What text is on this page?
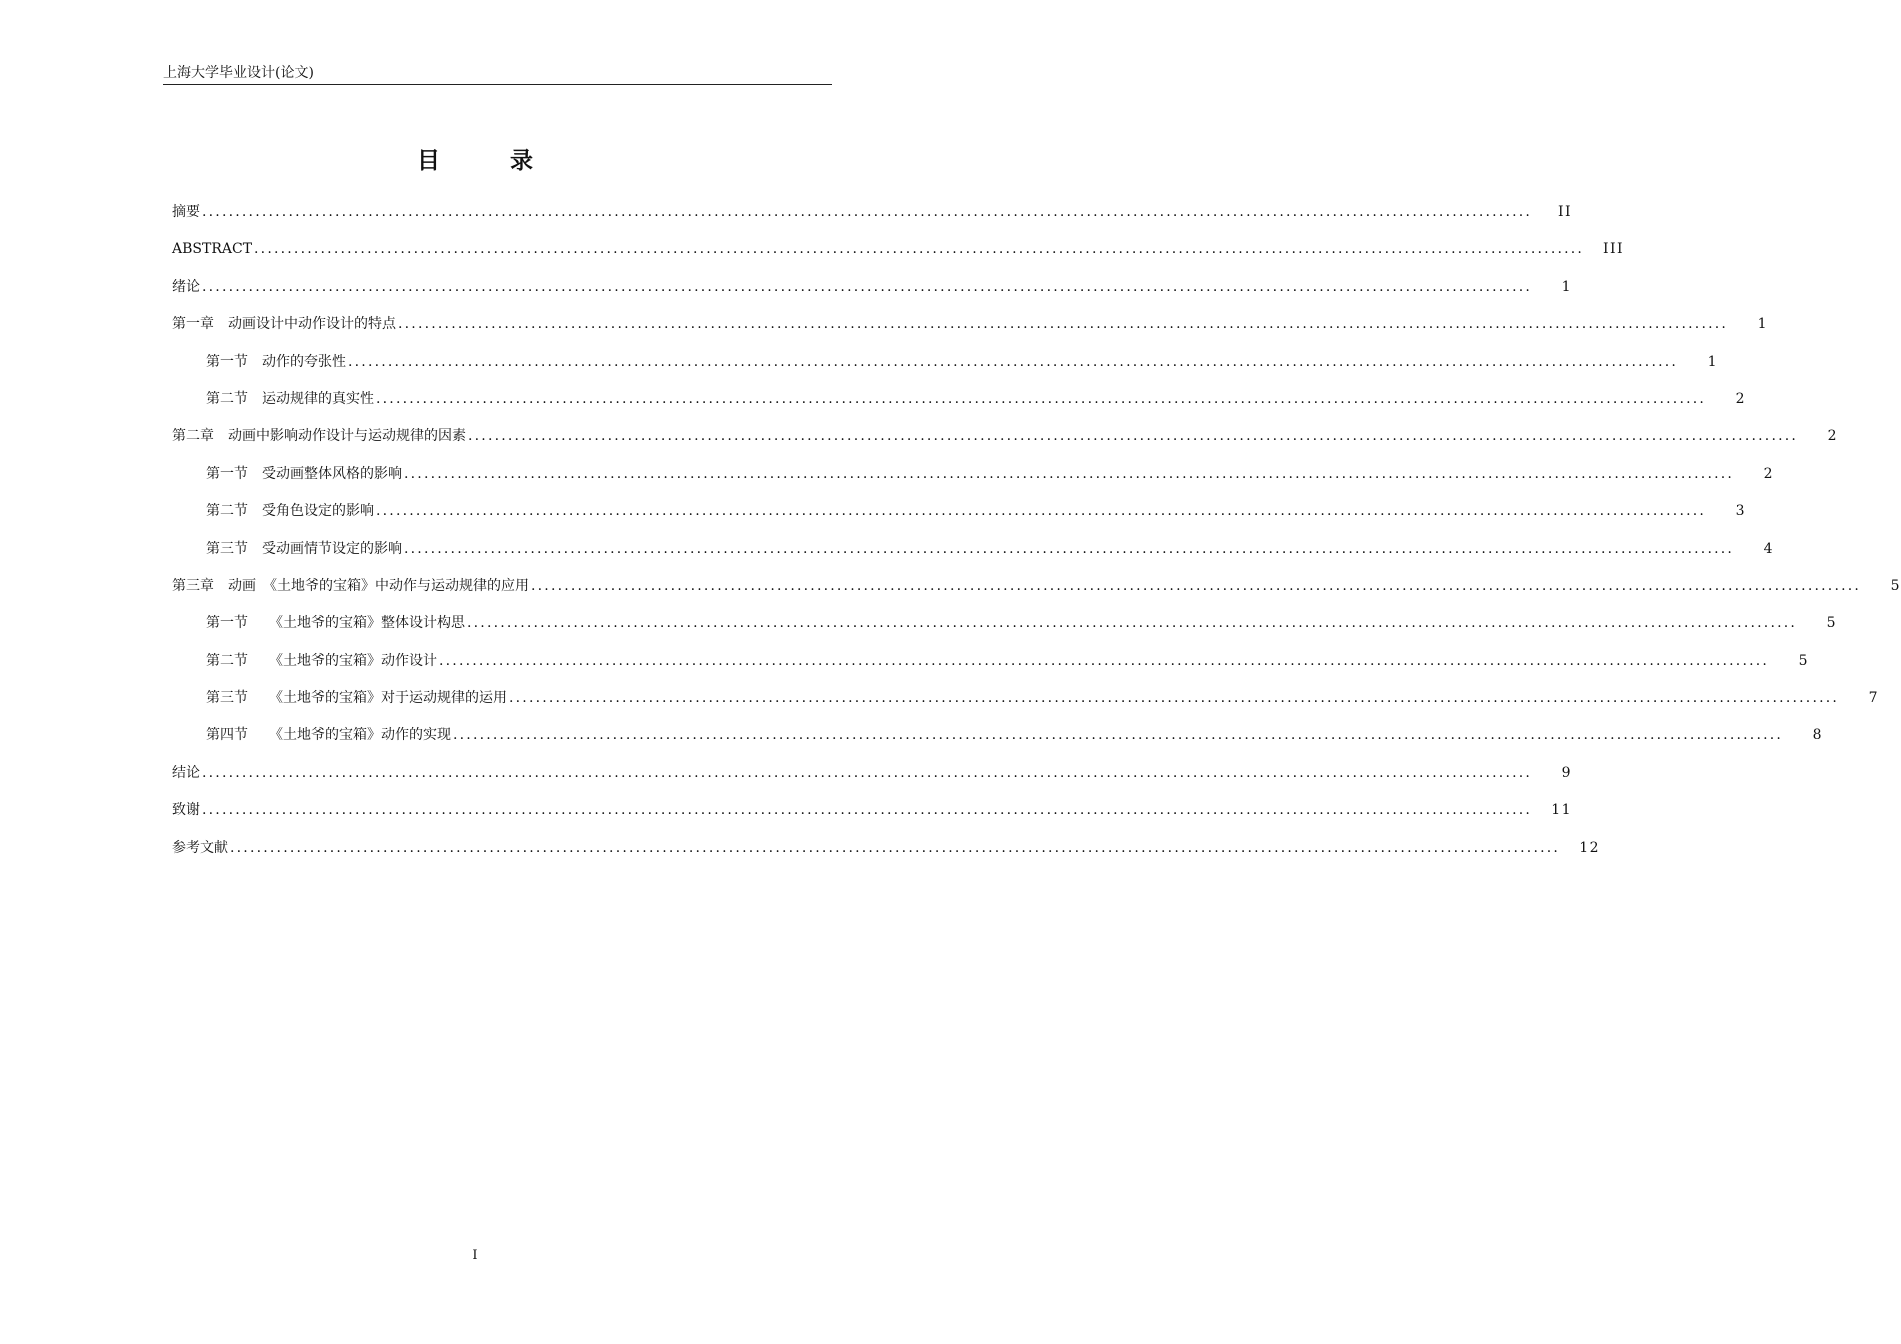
上海大学毕业设计(论文)
目录
摘要 ........................................................................................................................................................................................................	II
ABSTRACT ........................................................................................................................................................................................................	III
绪论 ........................................................................................................................................................................................................	1
第一章　动画设计中动作设计的特点 ........................................................................................................................................................................................................	1
第一节　动作的夸张性 ........................................................................................................................................................................................................	1
第二节　运动规律的真实性 ........................................................................................................................................................................................................	2
第二章　动画中影响动作设计与运动规律的因素 ........................................................................................................................................................................................................	2
第一节　受动画整体风格的影响 ........................................................................................................................................................................................................	2
第二节　受角色设定的影响 ........................................................................................................................................................................................................	3
第三节　受动画情节设定的影响 ........................................................................................................................................................................................................	4
第三章　动画　《土地爷的宝箱》中动作与运动规律的应用 ........................................................................................................................................................................................................	5
第一节　　《土地爷的宝箱》整体设计构思 ........................................................................................................................................................................................................	5
第二节　　《土地爷的宝箱》动作设计 ........................................................................................................................................................................................................	5
第三节　　《土地爷的宝箱》对于运动规律的运用 ........................................................................................................................................................................................................	7
第四节　　《土地爷的宝箱》动作的实现 ........................................................................................................................................................................................................	8
结论 ........................................................................................................................................................................................................	9
致谢 ........................................................................................................................................................................................................	11
参考文献 ........................................................................................................................................................................................................	12
I
